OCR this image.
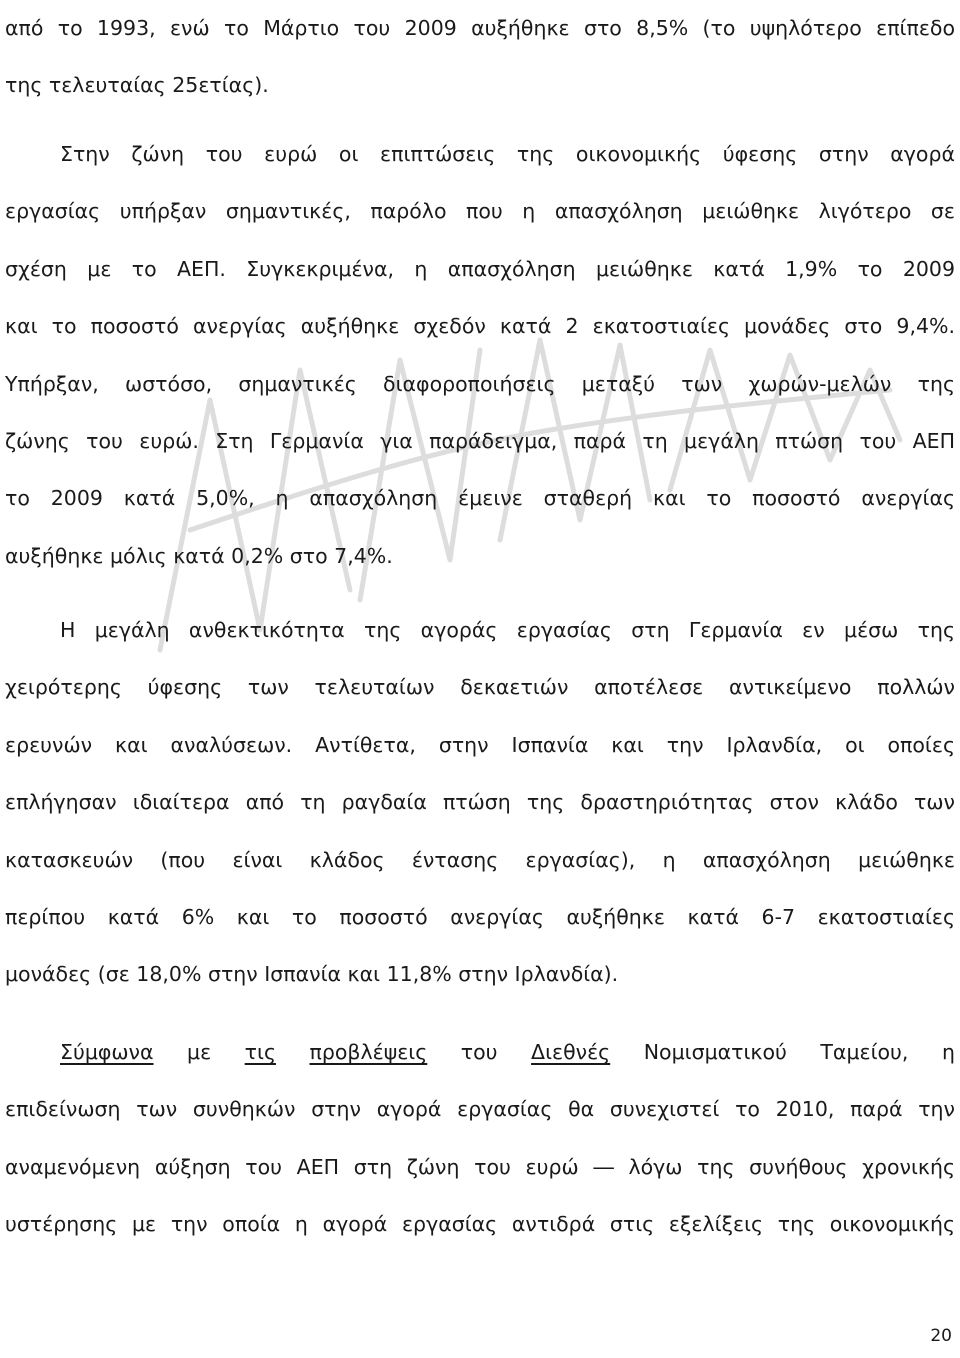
από το 1993, ενώ το Μάρτιο του 2009 αυξήθηκε στο 8,5% (το υψηλότερο επίπεδο
της τελευταίας 25ετίας).
Στην ζώνη του ευρώ οι επιπτώσεις της οικονομικής ύφεσης στην αγορά
εργασίας υπήρξαν σημαντικές, παρόλο που η απασχόληση μειώθηκε λιγότερο σε
σχέση με το ΑΕΠ. Συγκεκριμένα, η απασχόληση μειώθηκε κατά 1,9% το 2009
και το ποσοστό ανεργίας αυξήθηκε σχεδόν κατά 2 εκατοστιαίες μονάδες στο 9,4%.
Υπήρξαν, ωστόσο, σημαντικές διαφοροποιήσεις μεταξύ των χωρών-μελών της
ζώνης του ευρώ. Στη Γερμανία για παράδειγμα, παρά τη μεγάλη πτώση του ΑΕΠ
το 2009 κατά 5,0%, η απασχόληση έμεινε σταθερή και το ποσοστό ανεργίας
αυξήθηκε μόλις κατά 0,2% στο 7,4%.
Η μεγάλη ανθεκτικότητα της αγοράς εργασίας στη Γερμανία εν μέσω της
χειρότερης ύφεσης των τελευταίων δεκαετιών αποτέλεσε αντικείμενο πολλών
ερευνών και αναλύσεων. Αντίθετα, στην Ισπανία και την Ιρλανδία, οι οποίες
επλήγησαν ιδιαίτερα από τη ραγδαία πτώση της δραστηριότητας στον κλάδο των
κατασκευών (που είναι κλάδος έντασης εργασίας), η απασχόληση μειώθηκε
περίπου κατά 6% και το ποσοστό ανεργίας αυξήθηκε κατά 6-7 εκατοστιαίες
μονάδες (σε 18,0% στην Ισπανία και 11,8% στην Ιρλανδία).
Σύμφωνα με τις προβλέψεις του Διεθνές Νομισματικού Ταμείου, η
επιδείνωση των συνθηκών στην αγορά εργασίας θα συνεχιστεί το 2010, παρά την
αναμενόμενη αύξηση του ΑΕΠ στη ζώνη του ευρώ ― λόγω της συνήθους χρονικής
υστέρησης με την οποία η αγορά εργασίας αντιδρά στις εξελίξεις της οικονομικής
20
